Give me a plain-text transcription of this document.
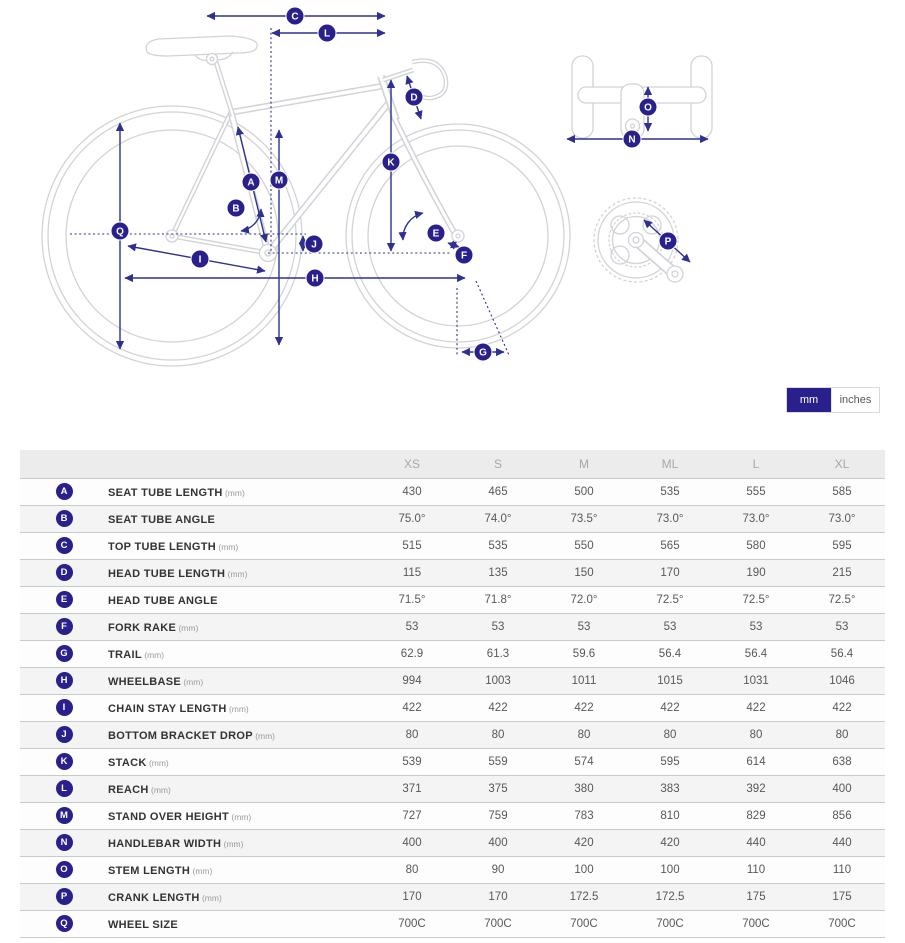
C
L
D
K
A M
B
Q
J
I
H
E
F
G
O
N
P
mm	inches
		XS	S	M	ML	L	XL
A	SEAT TUBE LENGTH (mm)	430	465	500	535	555	585
B	SEAT TUBE ANGLE	75.0°	74.0°	73.5°	73.0°	73.0°	73.0°
C	TOP TUBE LENGTH (mm)	515	535	550	565	580	595
D	HEAD TUBE LENGTH (mm)	115	135	150	170	190	215
E	HEAD TUBE ANGLE	71.5°	71.8°	72.0°	72.5°	72.5°	72.5°
F	FORK RAKE (mm)	53	53	53	53	53	53
G	TRAIL (mm)	62.9	61.3	59.6	56.4	56.4	56.4
H	WHEELBASE (mm)	994	1003	1011	1015	1031	1046
I	CHAIN STAY LENGTH (mm)	422	422	422	422	422	422
J	BOTTOM BRACKET DROP (mm)	80	80	80	80	80	80
K	STACK (mm)	539	559	574	595	614	638
L	REACH (mm)	371	375	380	383	392	400
M	STAND OVER HEIGHT (mm)	727	759	783	810	829	856
N	HANDLEBAR WIDTH (mm)	400	400	420	420	440	440
O	STEM LENGTH (mm)	80	90	100	100	110	110
P	CRANK LENGTH (mm)	170	170	172.5	172.5	175	175
Q	WHEEL SIZE	700C	700C	700C	700C	700C	700C
